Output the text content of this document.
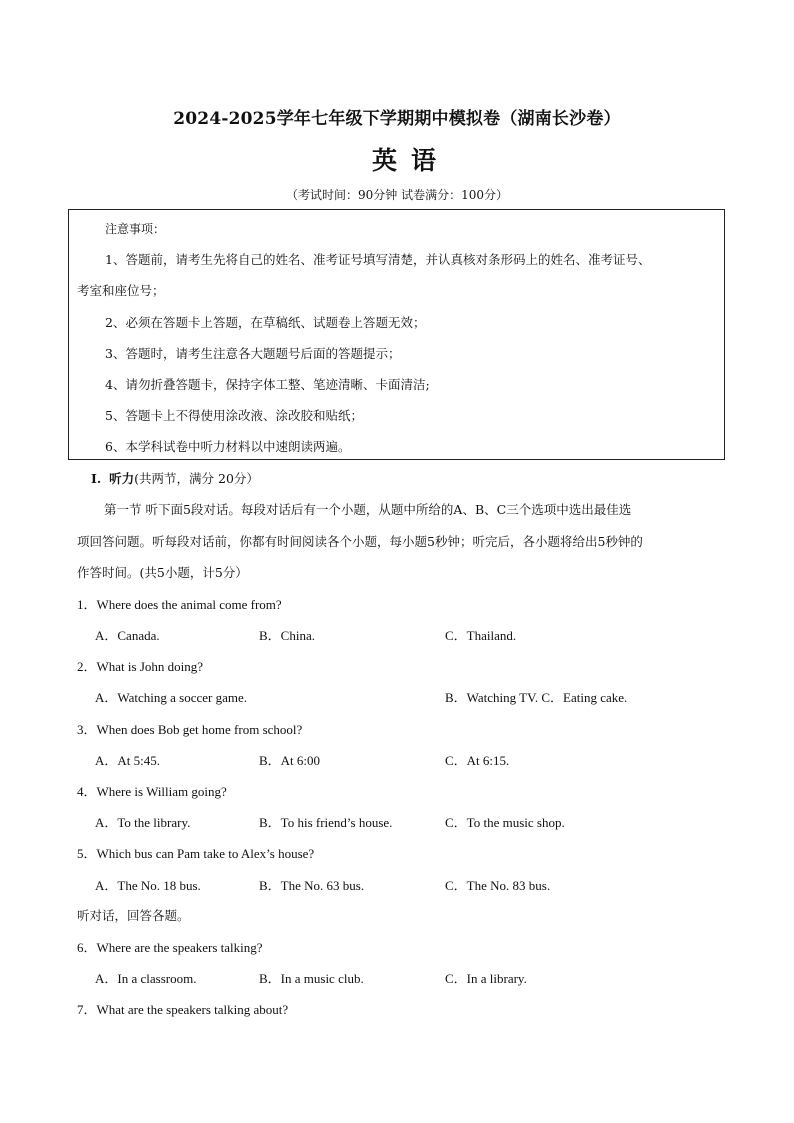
2024-2025学年七年级下学期期中模拟卷（湖南长沙卷）
英语
（考试时间：90分钟 试卷满分：100分）
注意事项：
1、答题前，请考生先将自己的姓名、准考证号填写清楚，并认真核对条形码上的姓名、准考证号、
考室和座位号；
2、必须在答题卡上答题，在草稿纸、试题卷上答题无效；
3、答题时，请考生注意各大题题号后面的答题提示；
4、请勿折叠答题卡，保持字体工整、笔迹清晰、卡面清洁;
5、答题卡上不得使用涂改液、涂改胶和贴纸；
6、本学科试卷中听力材料以中速朗读两遍。
I. 听力(共两节，满分 20分）
第一节 听下面5段对话。每段对话后有一个小题，从题中所给的A、B、C三个选项中选出最佳选
项回答问题。听每段对话前，你都有时间阅读各个小题，每小题5秒钟；听完后，各小题将给出5秒钟的
作答时间。(共5小题，计5分）
1．Where does the animal come from?
A．Canada.	B．China.	C．Thailand.
2．What is John doing?
A．Watching a soccer game.	B．Watching TV. C．Eating cake.
3．When does Bob get home from school?
A．At 5:45.	B．At 6:00	C．At 6:15.
4．Where is William going?
A．To the library.	B．To his friend’s house.	C．To the music shop.
5．Which bus can Pam take to Alex’s house?
A．The No. 18 bus.	B．The No. 63 bus.	C．The No. 83 bus.
听对话，回答各题。
6．Where are the speakers talking?
A．In a classroom.	B．In a music club.	C．In a library.
7．What are the speakers talking about?
